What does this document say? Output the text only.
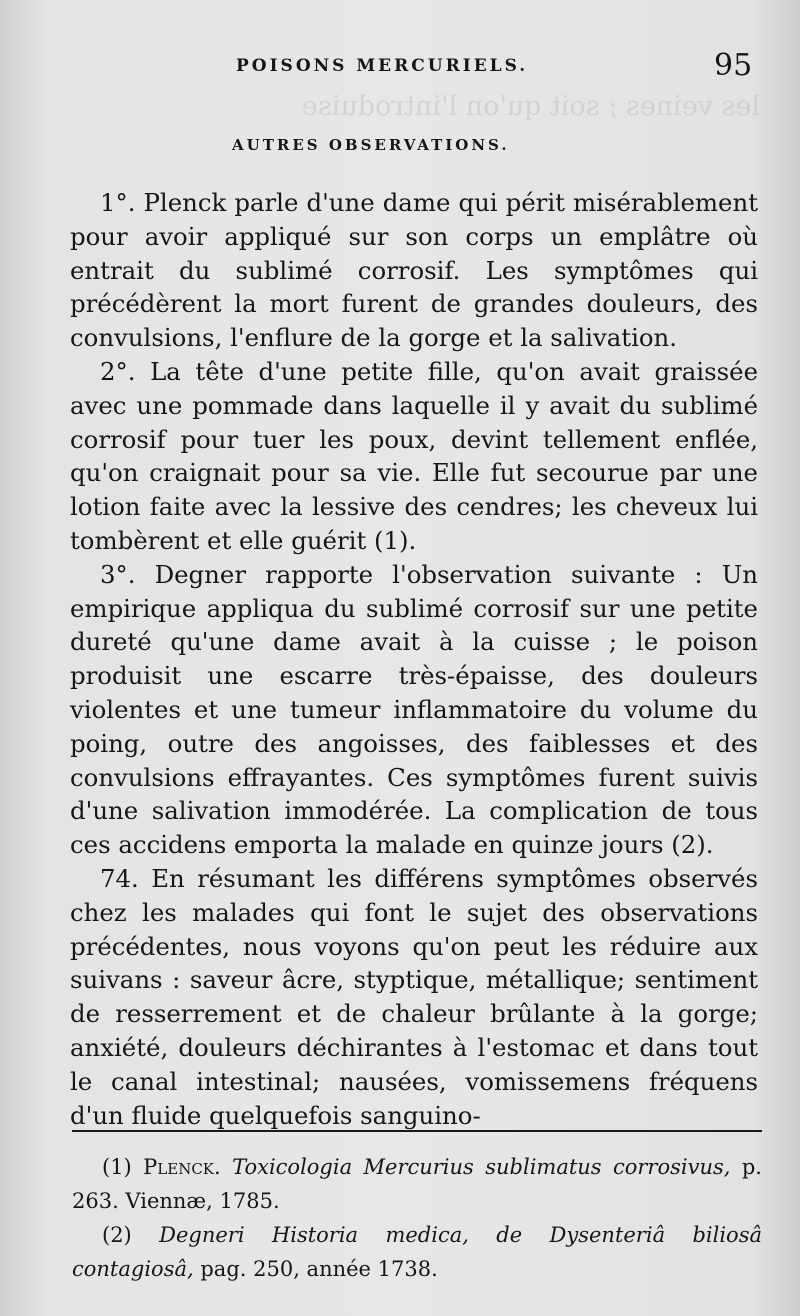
les veines ; soit qu'on l'introduise
POISONS MERCURIELS.	95
AUTRES OBSERVATIONS.

1°. Plenck parle d'une dame qui périt misérablement pour avoir appliqué sur son corps un emplâtre où entrait du sublimé corrosif. Les symptômes qui précédèrent la mort furent de grandes douleurs, des convulsions, l'enflure de la gorge et la salivation.

2°. La tête d'une petite fille, qu'on avait graissée avec une pommade dans laquelle il y avait du sublimé corrosif pour tuer les poux, devint tellement enflée, qu'on craignait pour sa vie. Elle fut secourue par une lotion faite avec la lessive des cendres; les cheveux lui tombèrent et elle guérit (1).

3°. Degner rapporte l'observation suivante : Un empirique appliqua du sublimé corrosif sur une petite dureté qu'une dame avait à la cuisse ; le poison produisit une escarre très-épaisse, des douleurs violentes et une tumeur inflammatoire du volume du poing, outre des angoisses, des faiblesses et des convulsions effrayantes. Ces symptômes furent suivis d'une salivation immodérée. La complication de tous ces accidens emporta la malade en quinze jours (2).

74. En résumant les différens symptômes observés chez les malades qui font le sujet des observations précédentes, nous voyons qu'on peut les réduire aux suivans : saveur âcre, styptique, métallique; sentiment de resserrement et de chaleur brûlante à la gorge; anxiété, douleurs déchirantes à l'estomac et dans tout le canal intestinal; nausées, vomissemens fréquens d'un fluide quelquefois sanguino-

(1) Plenck. Toxicologia Mercurius sublimatus corrosivus, p. 263. Viennæ, 1785.

(2) Degneri Historia medica, de Dysenteriâ biliosâ contagiosâ, pag. 250, année 1738.
